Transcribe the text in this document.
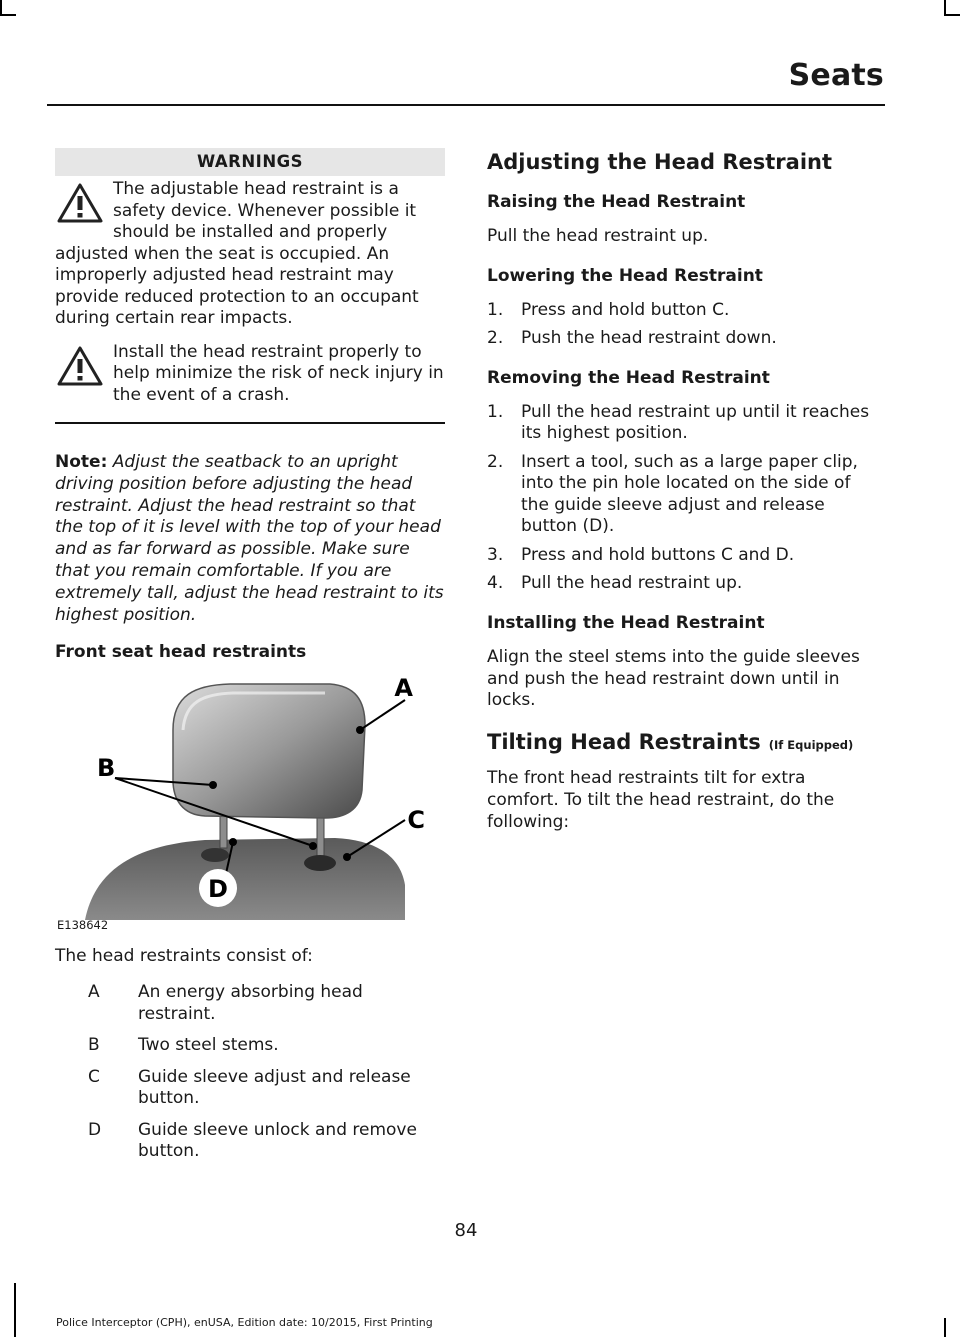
Seats
WARNINGS
The adjustable head restraint is a safety device. Whenever possible it should be installed and properly adjusted when the seat is occupied. An improperly adjusted head restraint may provide reduced protection to an occupant during certain rear impacts.
Install the head restraint properly to help minimize the risk of neck injury in the event of a crash.

Note: Adjust the seatback to an upright driving position before adjusting the head restraint. Adjust the head restraint so that the top of it is level with the top of your head and as far forward as possible. Make sure that you remain comfortable. If you are extremely tall, adjust the head restraint to its highest position.

Front seat head restraints
A
B
C
D
E138642

The head restraints consist of:

A	An energy absorbing head restraint.
B	Two steel stems.
C	Guide sleeve adjust and release button.
D	Guide sleeve unlock and remove button.
Adjusting the Head Restraint
Raising the Head Restraint

Pull the head restraint up.

Lowering the Head Restraint
1.	Press and hold button C.
2.	Push the head restraint down.
Removing the Head Restraint
1.	Pull the head restraint up until it reaches its highest position.
2.	Insert a tool, such as a large paper clip, into the pin hole located on the side of the guide sleeve adjust and release button (D).
3.	Press and hold buttons C and D.
4.	Pull the head restraint up.
Installing the Head Restraint

Align the steel stems into the guide sleeves and push the head restraint down until in locks.

Tilting Head Restraints (If Equipped)

The front head restraints tilt for extra comfort. To tilt the head restraint, do the following:

84
Police Interceptor (CPH), enUSA, Edition date: 10/2015, First Printing
